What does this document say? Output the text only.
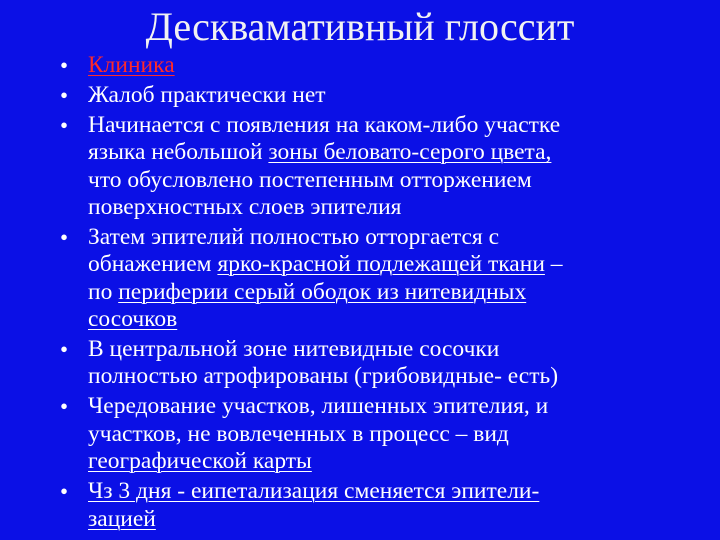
Десквамативный глоссит
• Клиника
• Жалоб практически нет
• Начинается с появления на каком-либо участке
языка небольшой зоны беловато-серого цвета,
что обусловлено постепенным отторжением
поверхностных слоев эпителия
• Затем эпителий полностью отторгается с
обнажением ярко-красной подлежащей ткани –
по периферии серый ободок из нитевидных
сосочков
• В центральной зоне нитевидные сосочки
полностью атрофированы (грибовидные- есть)
• Чередование участков, лишенных эпителия, и
участков, не вовлеченных в процесс – вид
географической карты
• Чз 3 дня - еипетализация сменяется эпители-
зацией
